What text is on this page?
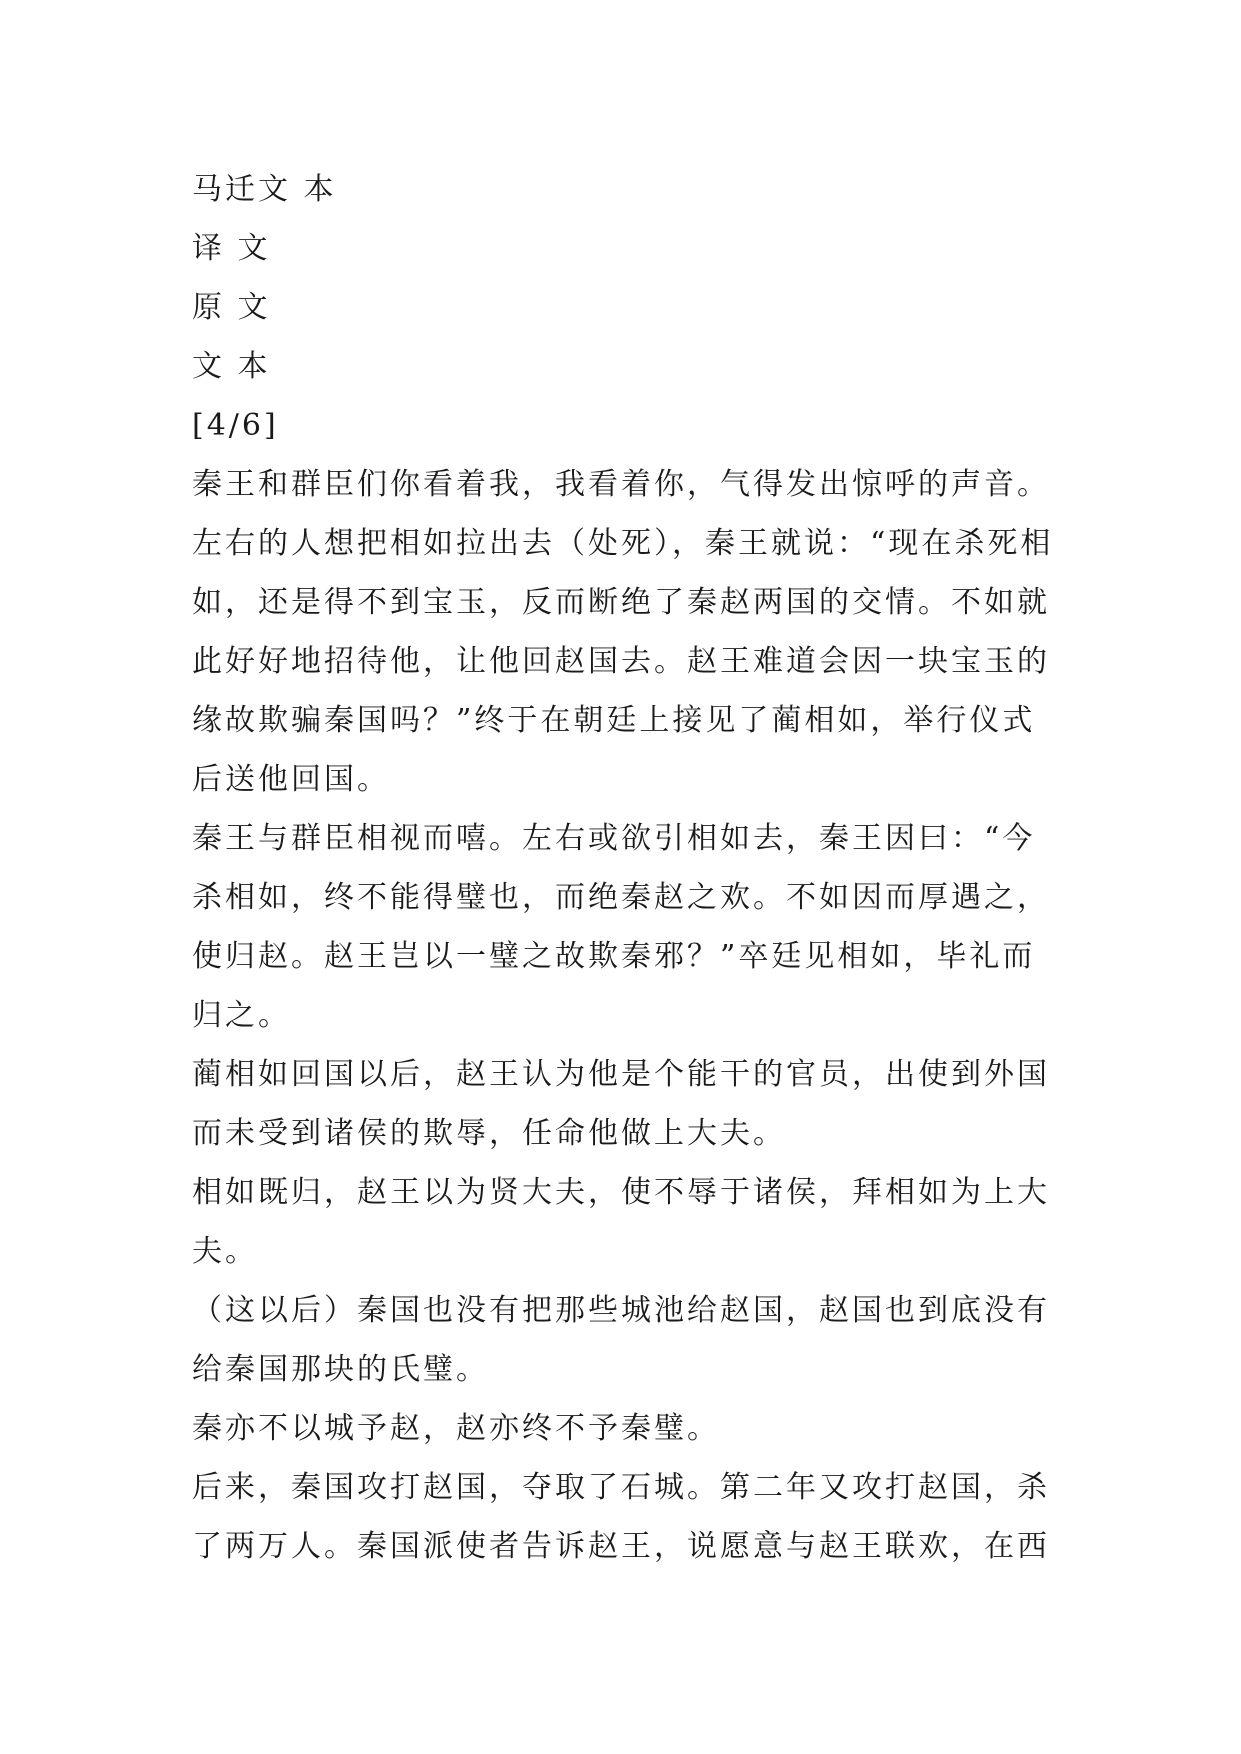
马迁文 本
译 文
原 文
文 本
[4/6]
秦王和群臣们你看着我，我看着你，气得发出惊呼的声音。
左右的人想把相如拉出去（处死），秦王就说：“现在杀死相
如，还是得不到宝玉，反而断绝了秦赵两国的交情。不如就
此好好地招待他，让他回赵国去。赵王难道会因一块宝玉的
缘故欺骗秦国吗？”终于在朝廷上接见了蔺相如，举行仪式
后送他回国。
秦王与群臣相视而嘻。左右或欲引相如去，秦王因曰：“今
杀相如，终不能得璧也，而绝秦赵之欢。不如因而厚遇之，
使归赵。赵王岂以一璧之故欺秦邪？”卒廷见相如，毕礼而
归之。
蔺相如回国以后，赵王认为他是个能干的官员，出使到外国
而未受到诸侯的欺辱，任命他做上大夫。
相如既归，赵王以为贤大夫，使不辱于诸侯，拜相如为上大
夫。
（这以后）秦国也没有把那些城池给赵国，赵国也到底没有
给秦国那块的氏璧。
秦亦不以城予赵，赵亦终不予秦璧。
后来，秦国攻打赵国，夺取了石城。第二年又攻打赵国，杀
了两万人。秦国派使者告诉赵王，说愿意与赵王联欢，在西
